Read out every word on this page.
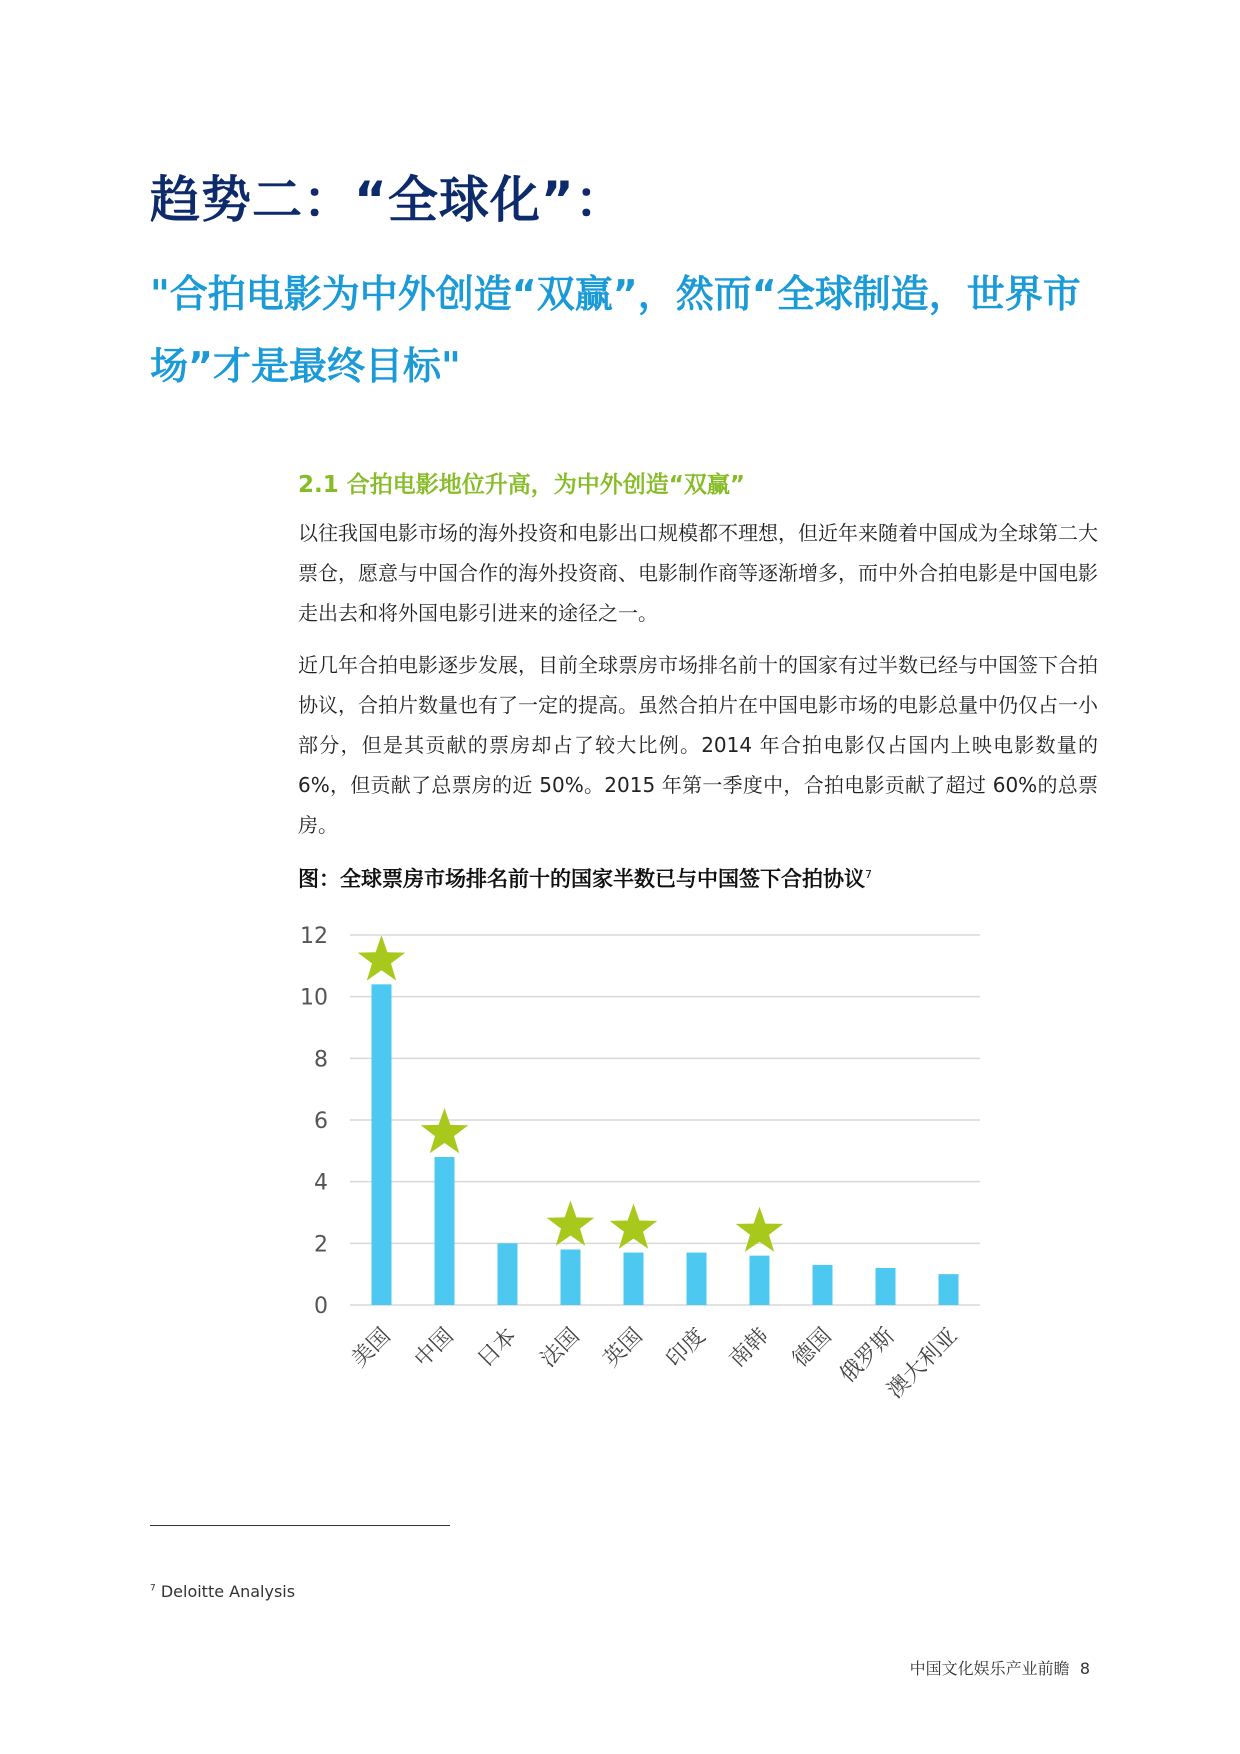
趋势二：“全球化”：
"合拍电影为中外创造“双赢”，然而“全球制造，世界市场”才是最终目标"
2.1 合拍电影地位升高，为中外创造“双赢”

以往我国电影市场的海外投资和电影出口规模都不理想，但近年来随着中国成为全球第二大票仓，愿意与中国合作的海外投资商、电影制作商等逐渐增多，而中外合拍电影是中国电影走出去和将外国电影引进来的途径之一。

近几年合拍电影逐步发展，目前全球票房市场排名前十的国家有过半数已经与中国签下合拍协议，合拍片数量也有了一定的提高。虽然合拍片在中国电影市场的电影总量中仍仅占一小部分，但是其贡献的票房却占了较大比例。2014 年合拍电影仅占国内上映电影数量的 6%，但贡献了总票房的近 50%。2015 年第一季度中，合拍电影贡献了超过 60%的总票房。

图：全球票房市场排名前十的国家半数已与中国签下合拍协议$^7$

0
2
4
6
8
10
12
美国 中国 日本 法国 英国 印度 南韩 德国
俄罗斯
澳大利亚

$^7$ Deloitte Analysis

中国文化娱乐产业前瞻 8
